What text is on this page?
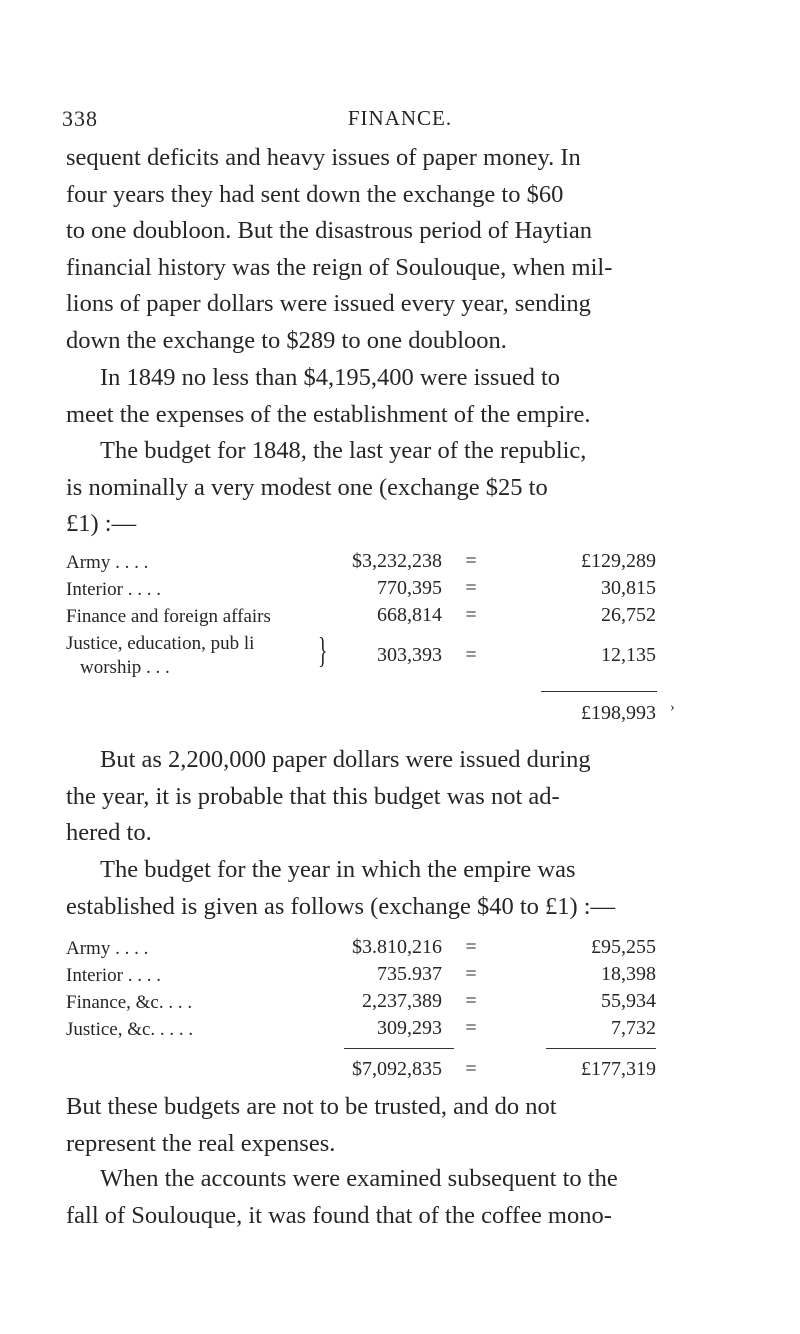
338	FINANCE.

sequent deficits and heavy issues of paper money. In
four years they had sent down the exchange to $60
to one doubloon. But the disastrous period of Haytian
financial history was the reign of Soulouque, when mil-
lions of paper dollars were issued every year, sending
down the exchange to $289 to one doubloon.

In 1849 no less than $4,195,400 were issued to
meet the expenses of the establishment of the empire.

The budget for 1848, the last year of the republic,
is nominally a very modest one (exchange $25 to
£1) :—

Army . . . .	$3,232,238	=	£129,289
Interior . . . .	770,395	=	30,815
Finance and foreign affairs	668,814	=	26,752
Justice, education, pub li
worship . . .	}	303,393	=	12,135
£198,993 ›

But as 2,200,000 paper dollars were issued during
the year, it is probable that this budget was not ad-
hered to.

The budget for the year in which the empire was
established is given as follows (exchange $40 to £1) :—

Army . . . .	$3.810,216	=	£95,255
Interior . . . .	735.937	=	18,398
Finance, &c. . . .	2,237,389	=	55,934
Justice, &c. . . . .	309,293	=	7,732
$7,092,835	=	£177,319

But these budgets are not to be trusted, and do not
represent the real expenses.

When the accounts were examined subsequent to the
fall of Soulouque, it was found that of the coffee mono-
